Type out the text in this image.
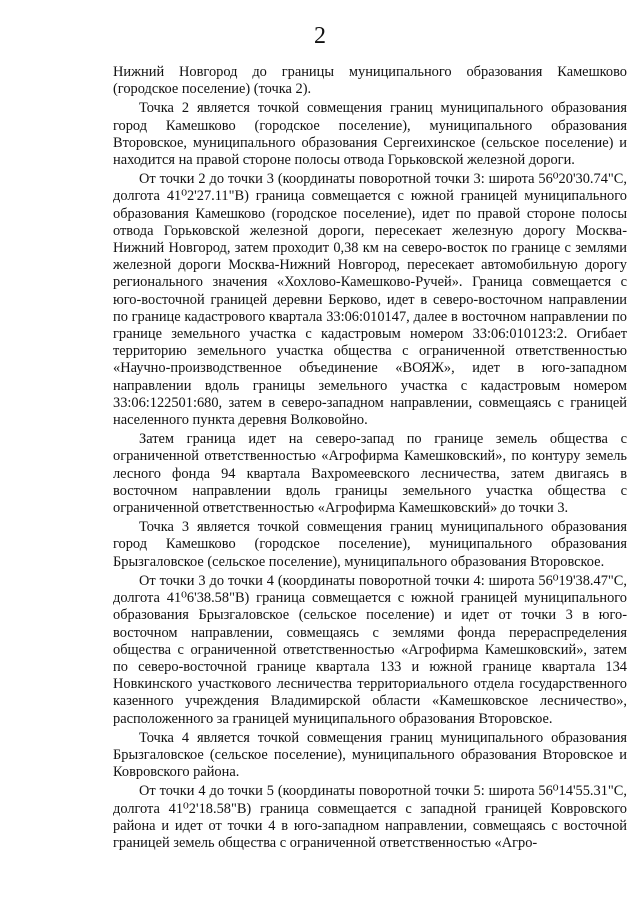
2

Нижний Новгород до границы муниципального образования Камешково (городское поселение) (точка 2).

Точка 2 является точкой совмещения границ муниципального образования город Камешково (городское поселение), муниципального образования Второвское, муниципального образования Сергеихинское (сельское поселение) и находится на правой стороне полосы отвода Горьковской железной дороги.

От точки 2 до точки 3 (координаты поворотной точки 3: широта 56⁰20'30.74"С, долгота 41⁰2'27.11"В) граница совмещается с южной границей муниципального образования Камешково (городское поселение), идет по правой стороне полосы отвода Горьковской железной дороги, пересекает железную дорогу Москва-Нижний Новгород, затем проходит 0,38 км на северо-восток по границе с землями железной дороги Москва-Нижний Новгород, пересекает автомобильную дорогу регионального значения «Хохлово-Камешково-Ручей». Граница совмещается с юго-восточной границей деревни Берково, идет в северо-восточном направлении по границе кадастрового квартала 33:06:010147, далее в восточном направлении по границе земельного участка с кадастровым номером 33:06:010123:2. Огибает территорию земельного участка общества с ограниченной ответственностью «Научно-производственное объединение «ВОЯЖ», идет в юго-западном направлении вдоль границы земельного участка с кадастровым номером 33:06:122501:680, затем в северо-западном направлении, совмещаясь с границей населенного пункта деревня Волковойно.

Затем граница идет на северо-запад по границе земель общества с ограниченной ответственностью «Агрофирма Камешковский», по контуру земель лесного фонда 94 квартала Вахромеевского лесничества, затем двигаясь в восточном направлении вдоль границы земельного участка общества с ограниченной ответственностью «Агрофирма Камешковский» до точки 3.

Точка 3 является точкой совмещения границ муниципального образования город Камешково (городское поселение), муниципального образования Брызгаловское (сельское поселение), муниципального образования Второвское.

От точки 3 до точки 4 (координаты поворотной точки 4: широта 56⁰19'38.47"С, долгота 41⁰6'38.58"В) граница совмещается с южной границей муниципального образования Брызгаловское (сельское поселение) и идет от точки 3 в юго-восточном направлении, совмещаясь с землями фонда перераспределения общества с ограниченной ответственностью «Агрофирма Камешковский», затем по северо-восточной границе квартала 133 и южной границе квартала 134 Новкинского участкового лесничества территориального отдела государственного казенного учреждения Владимирской области «Камешковское лесничество», расположенного за границей муниципального образования Второвское.

Точка 4 является точкой совмещения границ муниципального образования Брызгаловское (сельское поселение), муниципального образования Второвское и Ковровского района.

От точки 4 до точки 5 (координаты поворотной точки 5: широта 56⁰14'55.31"С, долгота 41⁰2'18.58"В) граница совмещается с западной границей Ковровского района и идет от точки 4 в юго-западном направлении, совмещаясь с восточной границей земель общества с ограниченной ответственностью «Агро-
